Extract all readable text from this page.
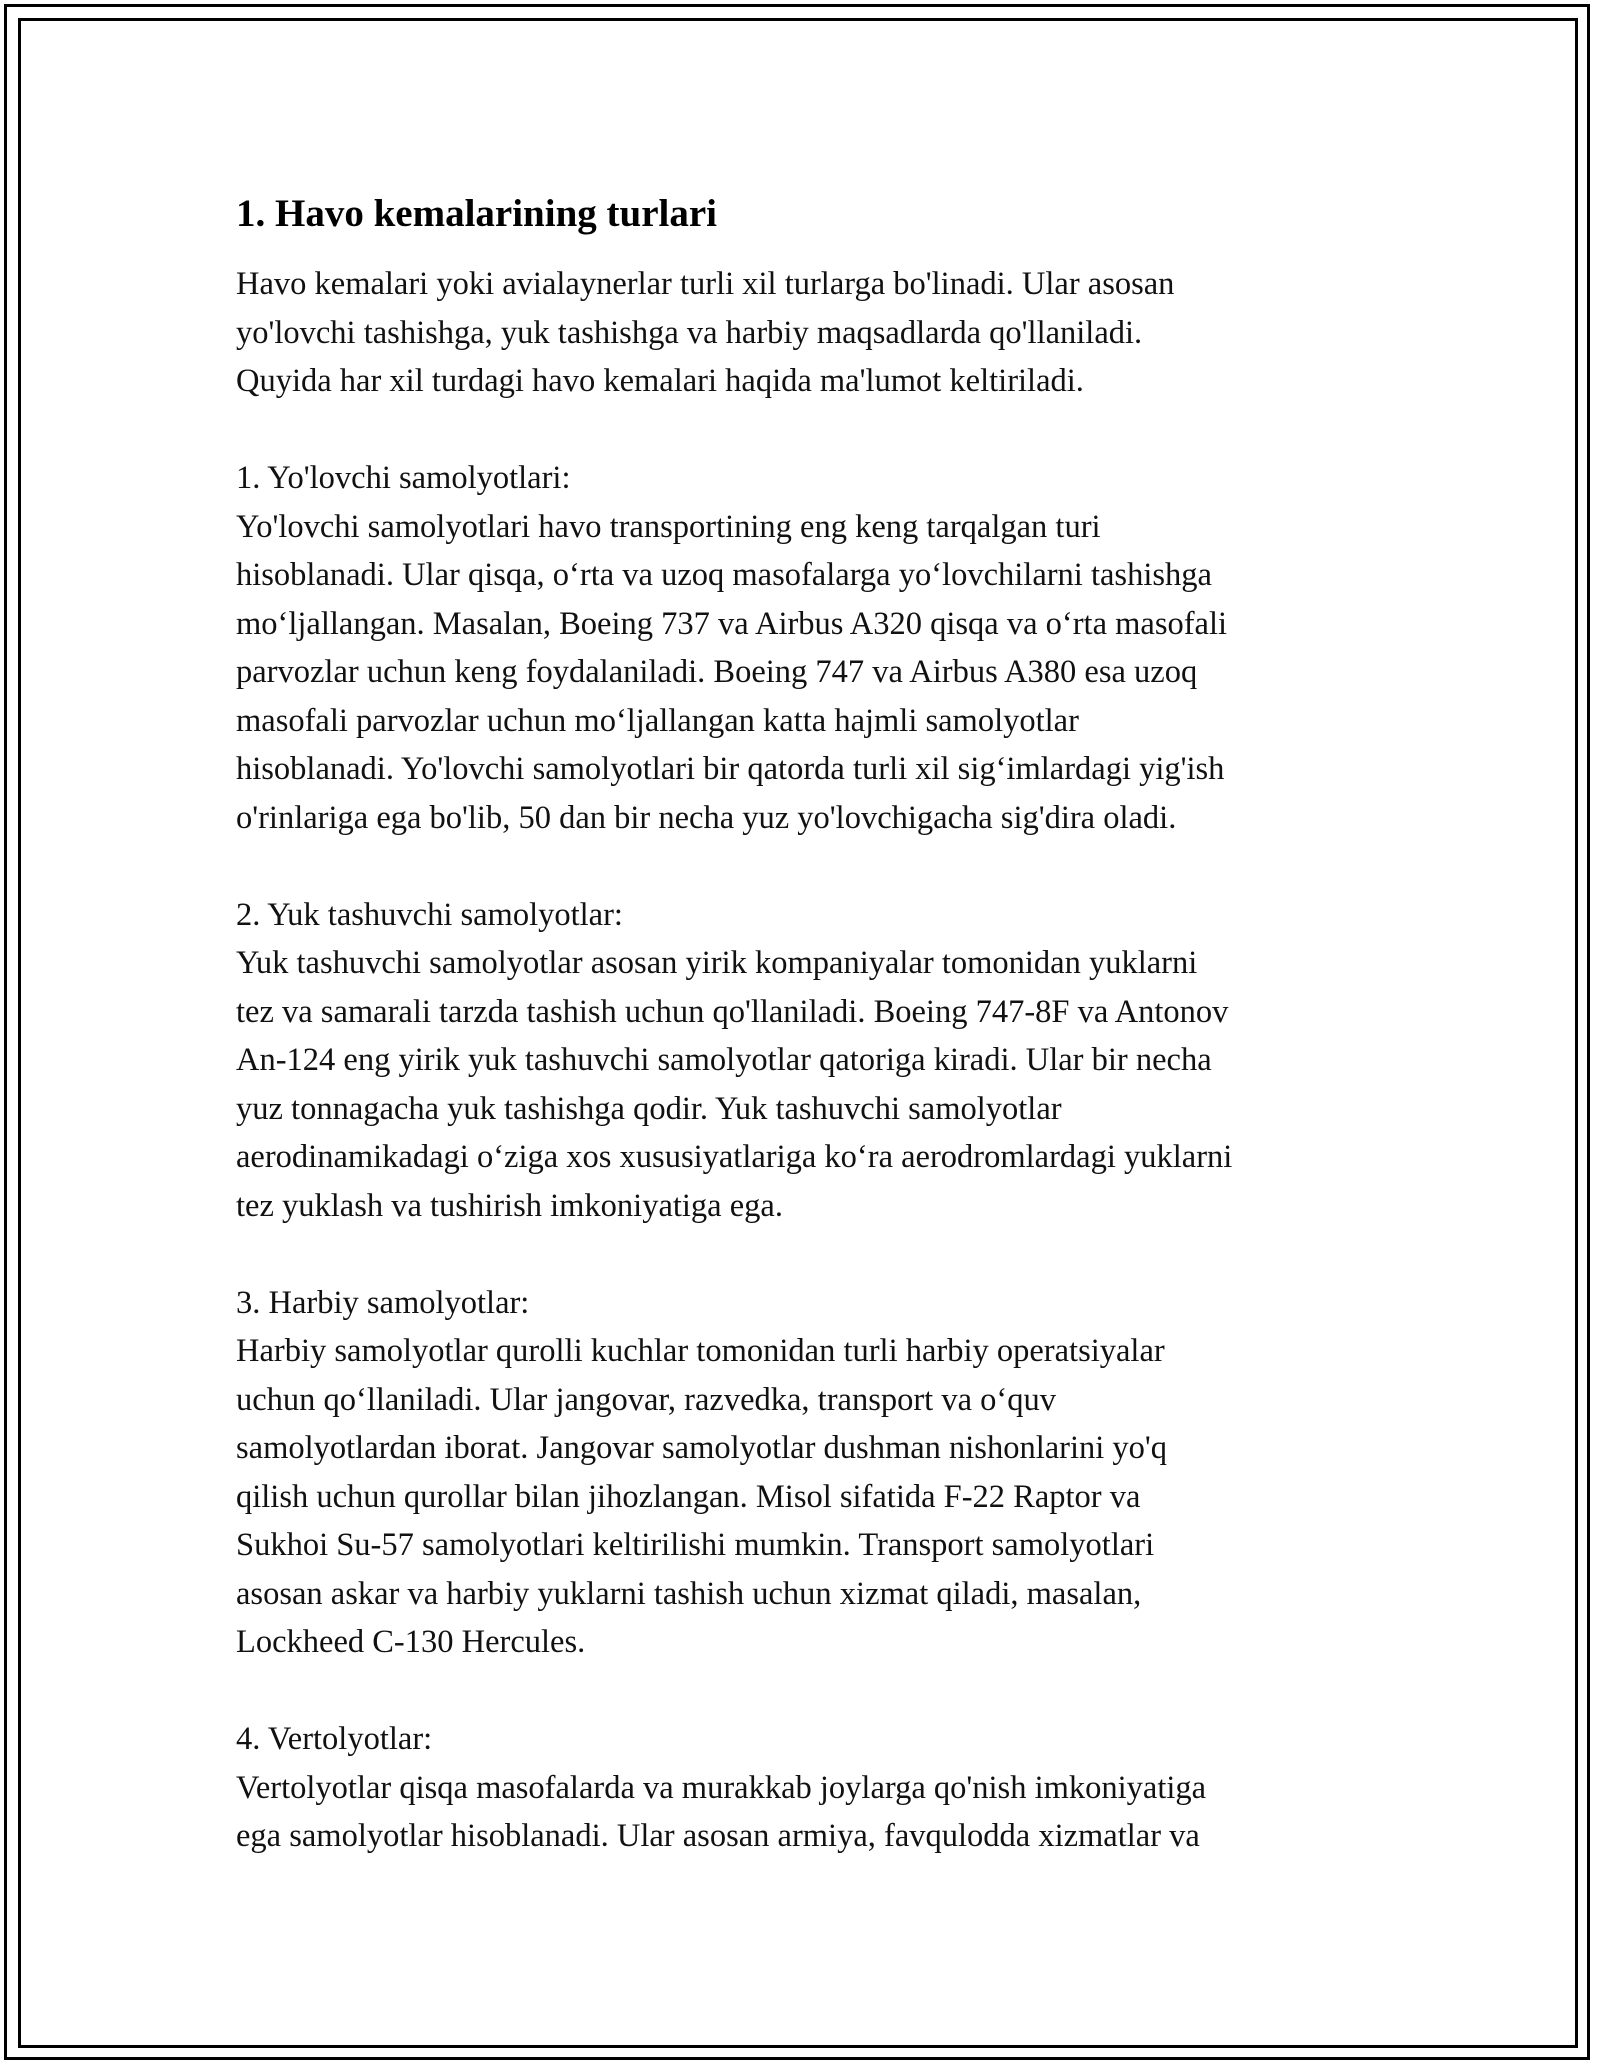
1. Havo kemalarining turlari

Havo kemalari yoki avialaynerlar turli xil turlarga bo'linadi. Ular asosan
yo'lovchi tashishga, yuk tashishga va harbiy maqsadlarda qo'llaniladi.
Quyida har xil turdagi havo kemalari haqida ma'lumot keltiriladi.

1. Yo'lovchi samolyotlari:

Yo'lovchi samolyotlari havo transportining eng keng tarqalgan turi
hisoblanadi. Ular qisqa, o‘rta va uzoq masofalarga yo‘lovchilarni tashishga
mo‘ljallangan. Masalan, Boeing 737 va Airbus A320 qisqa va o‘rta masofali
parvozlar uchun keng foydalaniladi. Boeing 747 va Airbus A380 esa uzoq
masofali parvozlar uchun mo‘ljallangan katta hajmli samolyotlar
hisoblanadi. Yo'lovchi samolyotlari bir qatorda turli xil sig‘imlardagi yig'ish
o'rinlariga ega bo'lib, 50 dan bir necha yuz yo'lovchigacha sig'dira oladi.

2. Yuk tashuvchi samolyotlar:

Yuk tashuvchi samolyotlar asosan yirik kompaniyalar tomonidan yuklarni
tez va samarali tarzda tashish uchun qo'llaniladi. Boeing 747-8F va Antonov
An-124 eng yirik yuk tashuvchi samolyotlar qatoriga kiradi. Ular bir necha
yuz tonnagacha yuk tashishga qodir. Yuk tashuvchi samolyotlar
aerodinamikadagi o‘ziga xos xususiyatlariga ko‘ra aerodromlardagi yuklarni
tez yuklash va tushirish imkoniyatiga ega.

3. Harbiy samolyotlar:

Harbiy samolyotlar qurolli kuchlar tomonidan turli harbiy operatsiyalar
uchun qo‘llaniladi. Ular jangovar, razvedka, transport va o‘quv
samolyotlardan iborat. Jangovar samolyotlar dushman nishonlarini yo'q
qilish uchun qurollar bilan jihozlangan. Misol sifatida F-22 Raptor va
Sukhoi Su-57 samolyotlari keltirilishi mumkin. Transport samolyotlari
asosan askar va harbiy yuklarni tashish uchun xizmat qiladi, masalan,
Lockheed C-130 Hercules.

4. Vertolyotlar:

Vertolyotlar qisqa masofalarda va murakkab joylarga qo'nish imkoniyatiga
ega samolyotlar hisoblanadi. Ular asosan armiya, favqulodda xizmatlar va
